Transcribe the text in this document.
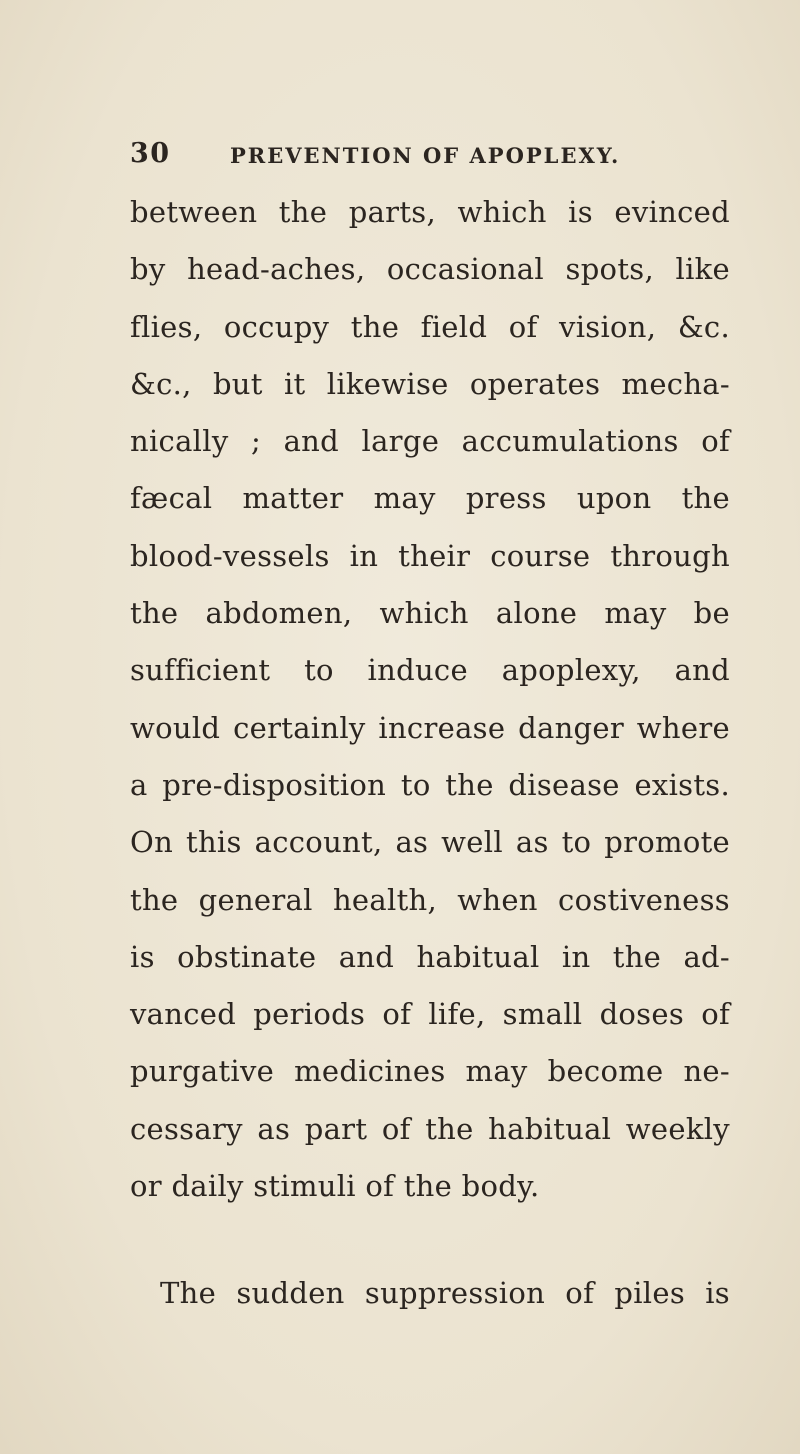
30	PREVENTION OF APOPLEXY.
between the parts, which is evinced
by head-aches, occasional spots, like
flies, occupy the field of vision, &c.
&c., but it likewise operates mecha-
nically ; and large accumulations of
fæcal matter may press upon the
blood-vessels in their course through
the abdomen, which alone may be
sufficient to induce apoplexy, and
would certainly increase danger where
a pre-disposition to the disease exists.
On this account, as well as to promote
the general health, when costiveness
is obstinate and habitual in the ad-
vanced periods of life, small doses of
purgative medicines may become ne-
cessary as part of the habitual weekly
or daily stimuli of the body.
The sudden suppression of piles is
